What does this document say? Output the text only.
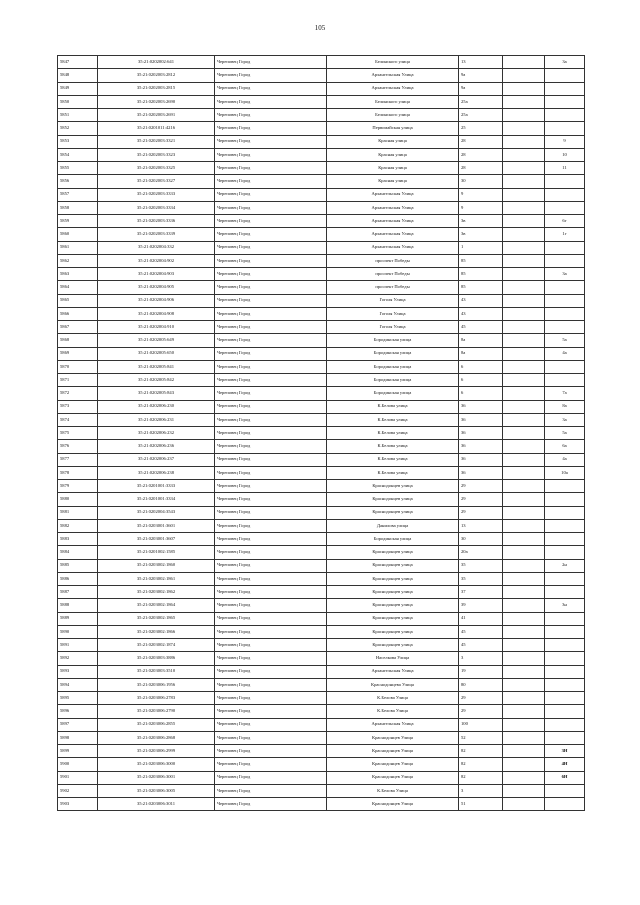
105
5847	35:21:0202002:641	Череповец Город	Белинского улица	13		3а
5848	35:21:0202003:2812	Череповец Город	Архангельская Улица	9а		
5849	35:21:0202003:2815	Череповец Город	Архангельская Улица	9а		
5850	35:21:0202003:2690	Череповец Город	Белинского улица	25а		
5851	35:21:0202003:2691	Череповец Город	Белинского улица	25а		
5852	35:21:0201011:4216	Череповец Город	Первомайская улица	25		
5853	35:21:0202003:3321	Череповец Город	Красная улица	28		9
5854	35:21:0202003:3323	Череповец Город	Красная улица	28		10
5855	35:21:0202003:3325	Череповец Город	Красная улица	28		11
5856	35:21:0202003:3327	Череповец Город	Красная улица	30		
5857	35:21:0202003:3333	Череповец Город	Архангельская Улица	9		
5858	35:21:0202003:3334	Череповец Город	Архангельская Улица	9		
5859	35:21:0202003:3336	Череповец Город	Архангельская Улица	3в		6г
5860	35:21:0202003:3339	Череповец Город	Архангельская Улица	3в		1г
5861	35:21:0202004:332	Череповец Город	Архангельская Улица	1		
5862	35:21:0202004:902	Череповец Город	проспект Победы	85		
5863	35:21:0202004:903	Череповец Город	проспект Победы	85		3а
5864	35:21:0202004:905	Череповец Город	проспект Победы	85		
5865	35:21:0202004:906	Череповец Город	Гоголя Улица	43		
5866	35:21:0202004:908	Череповец Город	Гоголя Улица	43		
5867	35:21:0202004:910	Череповец Город	Гоголя Улица	45		
5868	35:21:0202005:649	Череповец Город	Бородинская улица	8а		5а
5869	35:21:0202005:650	Череповец Город	Бородинская улица	8а		4а
5870	35:21:0202005:841	Череповец Город	Бородинская улица	6		
5871	35:21:0202005:842	Череповец Город	Бородинская улица	6		
5872	35:21:0202005:843	Череповец Город	Бородинская улица	6		7а
5873	35:21:0202006:230	Череповец Город	К.Белова улица	36		8а
5874	35:21:0202006:231	Череповец Город	К.Белова улица	36		3а
5875	35:21:0202006:232	Череповец Город	К.Белова улица	36		5а
5876	35:21:0202006:236	Череповец Город	К.Белова улица	36		6а
5877	35:21:0202006:237	Череповец Город	К.Белова улица	36		4а
5878	35:21:0202006:238	Череповец Город	К.Белова улица	36		10а
5879	35:21:0201001:3333	Череповец Город	Краснодонцев улица	29		
5880	35:21:0201001:3334	Череповец Город	Краснодонцев улица	29		
5881	35:21:0202004:3543	Череповец Город	Краснодонцев улица	29		
5882	35:21:0203001:3601	Череповец Город	Данилова улица	13		
5883	35:21:0203001:3607	Череповец Город	Бородинская улица	30		
5884	35:21:0201002:1585	Череповец Город	Краснодонцев улица	20а		
5885	35:21:0203002:1860	Череповец Город	Краснодонцев улица	35		2н
5886	35:21:0203002:1861	Череповец Город	Краснодонцев улица	35		
5887	35:21:0203002:1862	Череповец Город	Краснодонцев улица	37		
5888	35:21:0203002:1864	Череповец Город	Краснодонцев улица	39		3н
5889	35:21:0203002:1865	Череповец Город	Краснодонцев улица	41		
5890	35:21:0203002:1866	Череповец Город	Краснодонцев улица	45		
5891	35:21:0203002:1874	Череповец Город	Краснодонцев улица	45		
5892	35:21:0203003:3886	Череповец Город	Населкова Улица	3		
5893	35:21:0203003:3510	Череповец Город	Архангельская Улица	19		
5894	35:21:0203006:1956	Череповец Город	Краснодонцева Улица	80		
5895	35:21:0203006:2783	Череповец Город	К.Белова Улица	29		
5896	35:21:0203006:2790	Череповец Город	К.Белова Улица	29		
5897	35:21:0203006:2855	Череповец Город	Архангельская Улица	100		
5898	35:21:0203006:2868	Череповец Город	Краснодонцев Улица	52		
5899	35:21:0203006:2999	Череповец Город	Краснодонцев Улица	82		3Н
5900	35:21:0203006:3000	Череповец Город	Краснодонцев Улица	82		4Н
5901	35:21:0203006:3001	Череповец Город	Краснодонцев Улица	82		6Н
5902	35:21:0203006:3005	Череповец Город	К.Белова Улица	3		
5903	35:21:0203006:3011	Череповец Город	Краснодонцев Улица	51		
